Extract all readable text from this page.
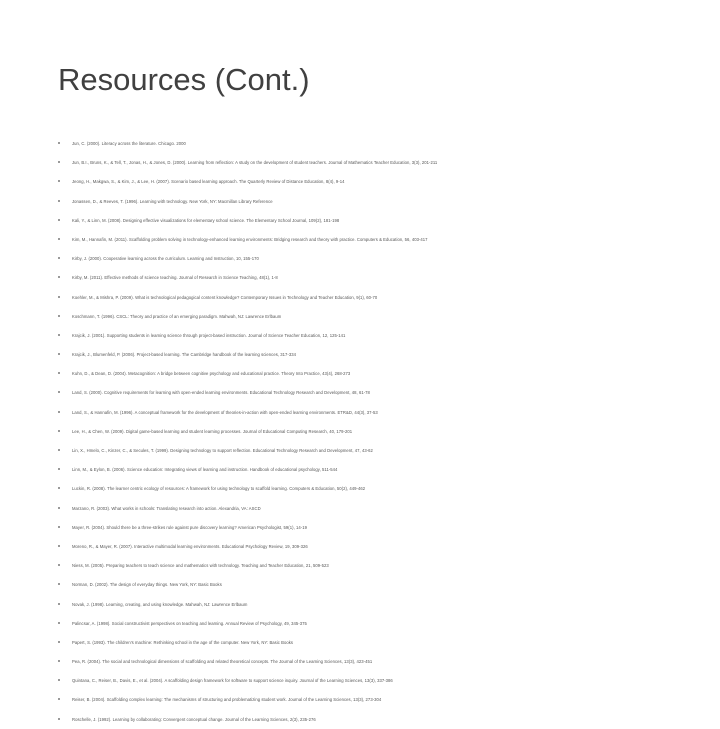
Resources (Cont.)
Jun, C. (2000). Literacy across the literature. Chicago. 2000
Jun, B.I., Bruns, K., & Tell, T., Jonas, H., & Jones, D. (2000). Learning from reflection: A study on the development of student teachers. Journal of Mathematics Teacher Education, 3(3), 201-211
Jeong, H., Makgwa, S., & Kim, J., & Lee, H. (2007). Scenario based learning approach. The Quarterly Review of Distance Education, 8(4), 9-14
Jonassen, D., & Reeves, T. (1996). Learning with technology. New York, NY: Macmillan Library Reference
Kali, Y., & Linn, M. (2008). Designing effective visualizations for elementary school science. The Elementary School Journal, 109(2), 181-198
Kim, M., Hannafin, M. (2011). Scaffolding problem solving in technology-enhanced learning environments: Bridging research and theory with practice. Computers & Education, 56, 403-417
Kirby, J. (2000). Cooperative learning across the curriculum. Learning and Instruction, 10, 155-170
Kirby, M. (2011). Effective methods of science teaching. Journal of Research in Science Teaching, 48(1), 1-8
Koehler, M., & Mishra, P. (2009). What is technological pedagogical content knowledge? Contemporary Issues in Technology and Teacher Education, 9(1), 60-70
Koschmann, T. (1996). CSCL: Theory and practice of an emerging paradigm. Mahwah, NJ: Lawrence Erlbaum
Krajcik, J. (2001). Supporting students in learning science through project-based instruction. Journal of Science Teacher Education, 12, 125-141
Krajcik, J., Blumenfeld, P. (2006). Project-based learning. The Cambridge handbook of the learning sciences, 317-334
Kuhn, D., & Dean, D. (2004). Metacognition: A bridge between cognitive psychology and educational practice. Theory Into Practice, 43(4), 268-273
Land, S. (2000). Cognitive requirements for learning with open-ended learning environments. Educational Technology Research and Development, 48, 61-78
Land, S., & Hannafin, M. (1996). A conceptual framework for the development of theories-in-action with open-ended learning environments. ETR&D, 44(3), 37-53
Lee, H., & Chen, W. (2009). Digital game-based learning and student learning processes. Journal of Educational Computing Research, 40, 179-201
Lin, X., Hmelo, C., Kinzer, C., & Secules, T. (1999). Designing technology to support reflection. Educational Technology Research and Development, 47, 43-62
Linn, M., & Eylon, B. (2006). Science education: Integrating views of learning and instruction. Handbook of educational psychology, 511-544
Luckin, R. (2008). The learner centric ecology of resources: A framework for using technology to scaffold learning. Computers & Education, 50(2), 449-462
Marzano, R. (2003). What works in schools: Translating research into action. Alexandria, VA: ASCD
Mayer, R. (2004). Should there be a three-strikes rule against pure discovery learning? American Psychologist, 59(1), 14-19
Moreno, R., & Mayer, R. (2007). Interactive multimodal learning environments. Educational Psychology Review, 19, 309-326
Niess, M. (2005). Preparing teachers to teach science and mathematics with technology. Teaching and Teacher Education, 21, 509-523
Norman, D. (2002). The design of everyday things. New York, NY: Basic Books
Novak, J. (1998). Learning, creating, and using knowledge. Mahwah, NJ: Lawrence Erlbaum
Palincsar, A. (1998). Social constructivist perspectives on teaching and learning. Annual Review of Psychology, 49, 345-375
Papert, S. (1993). The children's machine: Rethinking school in the age of the computer. New York, NY: Basic Books
Pea, R. (2004). The social and technological dimensions of scaffolding and related theoretical concepts. The Journal of the Learning Sciences, 13(3), 423-451
Quintana, C., Reiser, B., Davis, E., et al. (2004). A scaffolding design framework for software to support science inquiry. Journal of the Learning Sciences, 13(3), 337-386
Reiser, B. (2004). Scaffolding complex learning: The mechanisms of structuring and problematizing student work. Journal of the Learning Sciences, 13(3), 273-304
Roschelle, J. (1992). Learning by collaborating: Convergent conceptual change. Journal of the Learning Sciences, 2(3), 235-276
